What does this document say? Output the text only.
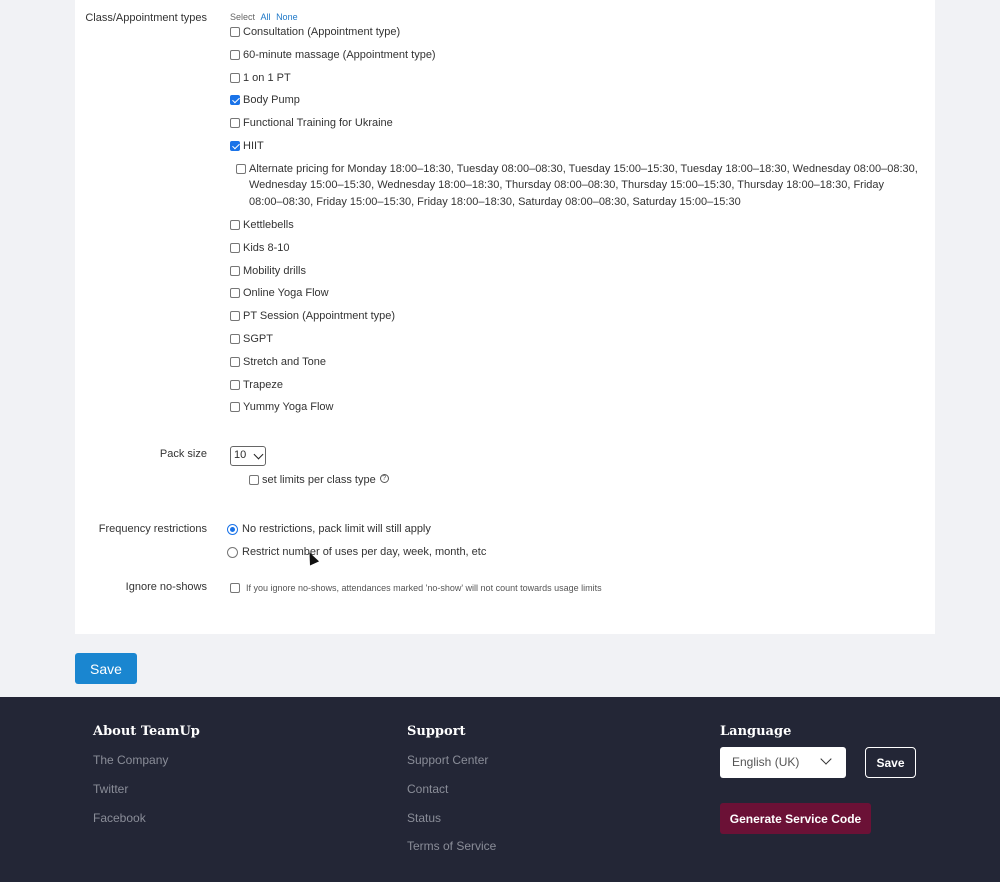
Class/Appointment types	Select All None
Consultation (Appointment type)
60-minute massage (Appointment type)
1 on 1 PT
Body Pump
Functional Training for Ukraine
HIIT
Alternate pricing for Monday 18:00–18:30, Tuesday 08:00–08:30, Tuesday 15:00–15:30, Tuesday 18:00–18:30, Wednesday 08:00–08:30, Wednesday 15:00–15:30, Wednesday 18:00–18:30, Thursday 08:00–08:30, Thursday 15:00–15:30, Thursday 18:00–18:30, Friday 08:00–08:30, Friday 15:00–15:30, Friday 18:00–18:30, Saturday 08:00–08:30, Saturday 15:00–15:30
Kettlebells
Kids 8-10
Mobility drills
Online Yoga Flow
PT Session (Appointment type)
SGPT
Stretch and Tone
Trapeze
Yummy Yoga Flow
Pack size	10
set limits per class type ?
Frequency restrictions	No restrictions, pack limit will still apply
Restrict number of uses per day, week, month, etc
Ignore no-shows	If you ignore no-shows, attendances marked 'no-show' will not count towards usage limits
Save
About TeamUp
The Company
Twitter
Facebook
Support
Support Center
Contact
Status
Terms of Service
Language
English (UK)	Save
Generate Service Code
